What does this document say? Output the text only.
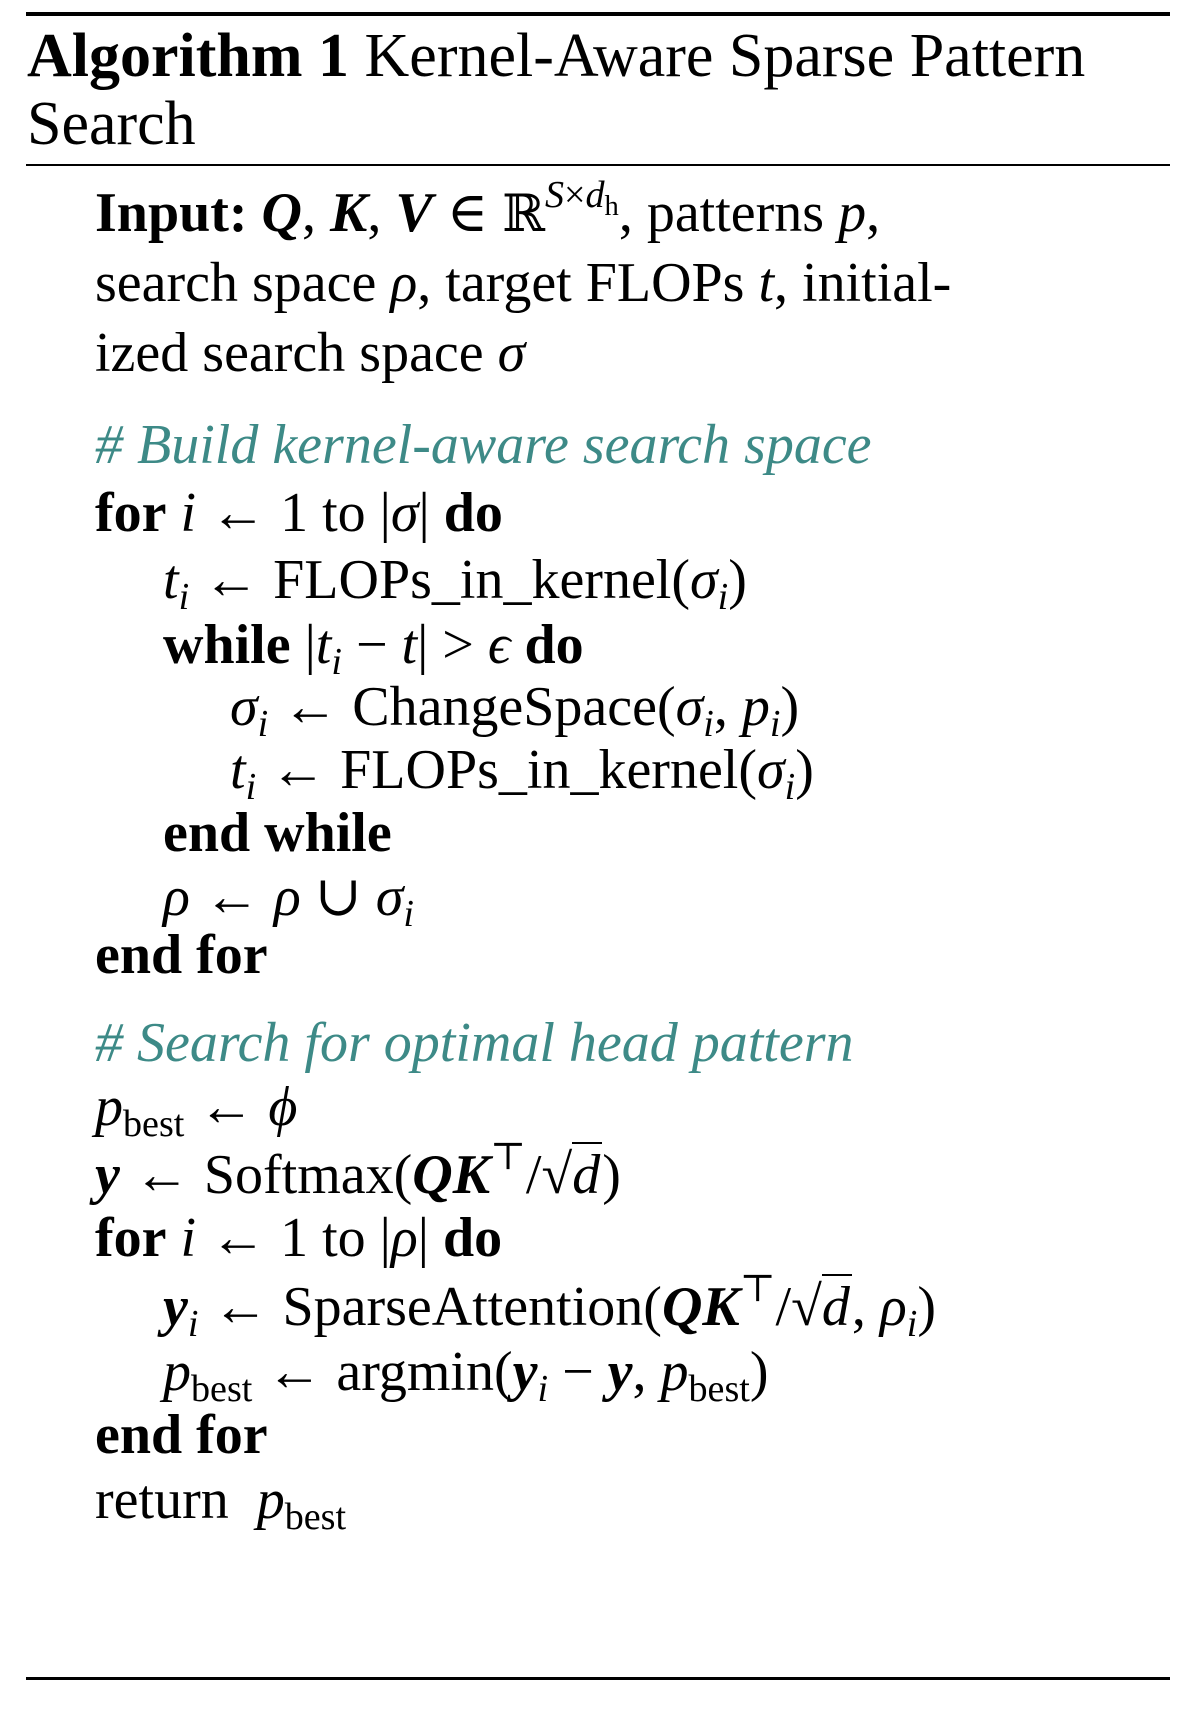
Algorithm 1 Kernel-Aware Sparse Pattern Search
Input: Q, K, V ∈ ℝ$^{S\times d_h}$, patterns p,
search space ρ, target FLOPs t, initial-
ized search space σ
# Build kernel-aware search space
for i ← 1 to |σ| do
ti ← FLOPs_in_kernel(σi)
while |ti − t| > ϵ do
σi ← ChangeSpace(σi, pi)
ti ← FLOPs_in_kernel(σi)
end while
ρ ← ρ ∪ σi
end for
# Search for optimal head pattern
pbest ← ϕ
y ← Softmax(QK⊤/√d)
for i ← 1 to |ρ| do
yi ← SparseAttention(QK⊤/√d, ρi)
pbest ← argmin(yi − y, pbest)
end for
return pbest
